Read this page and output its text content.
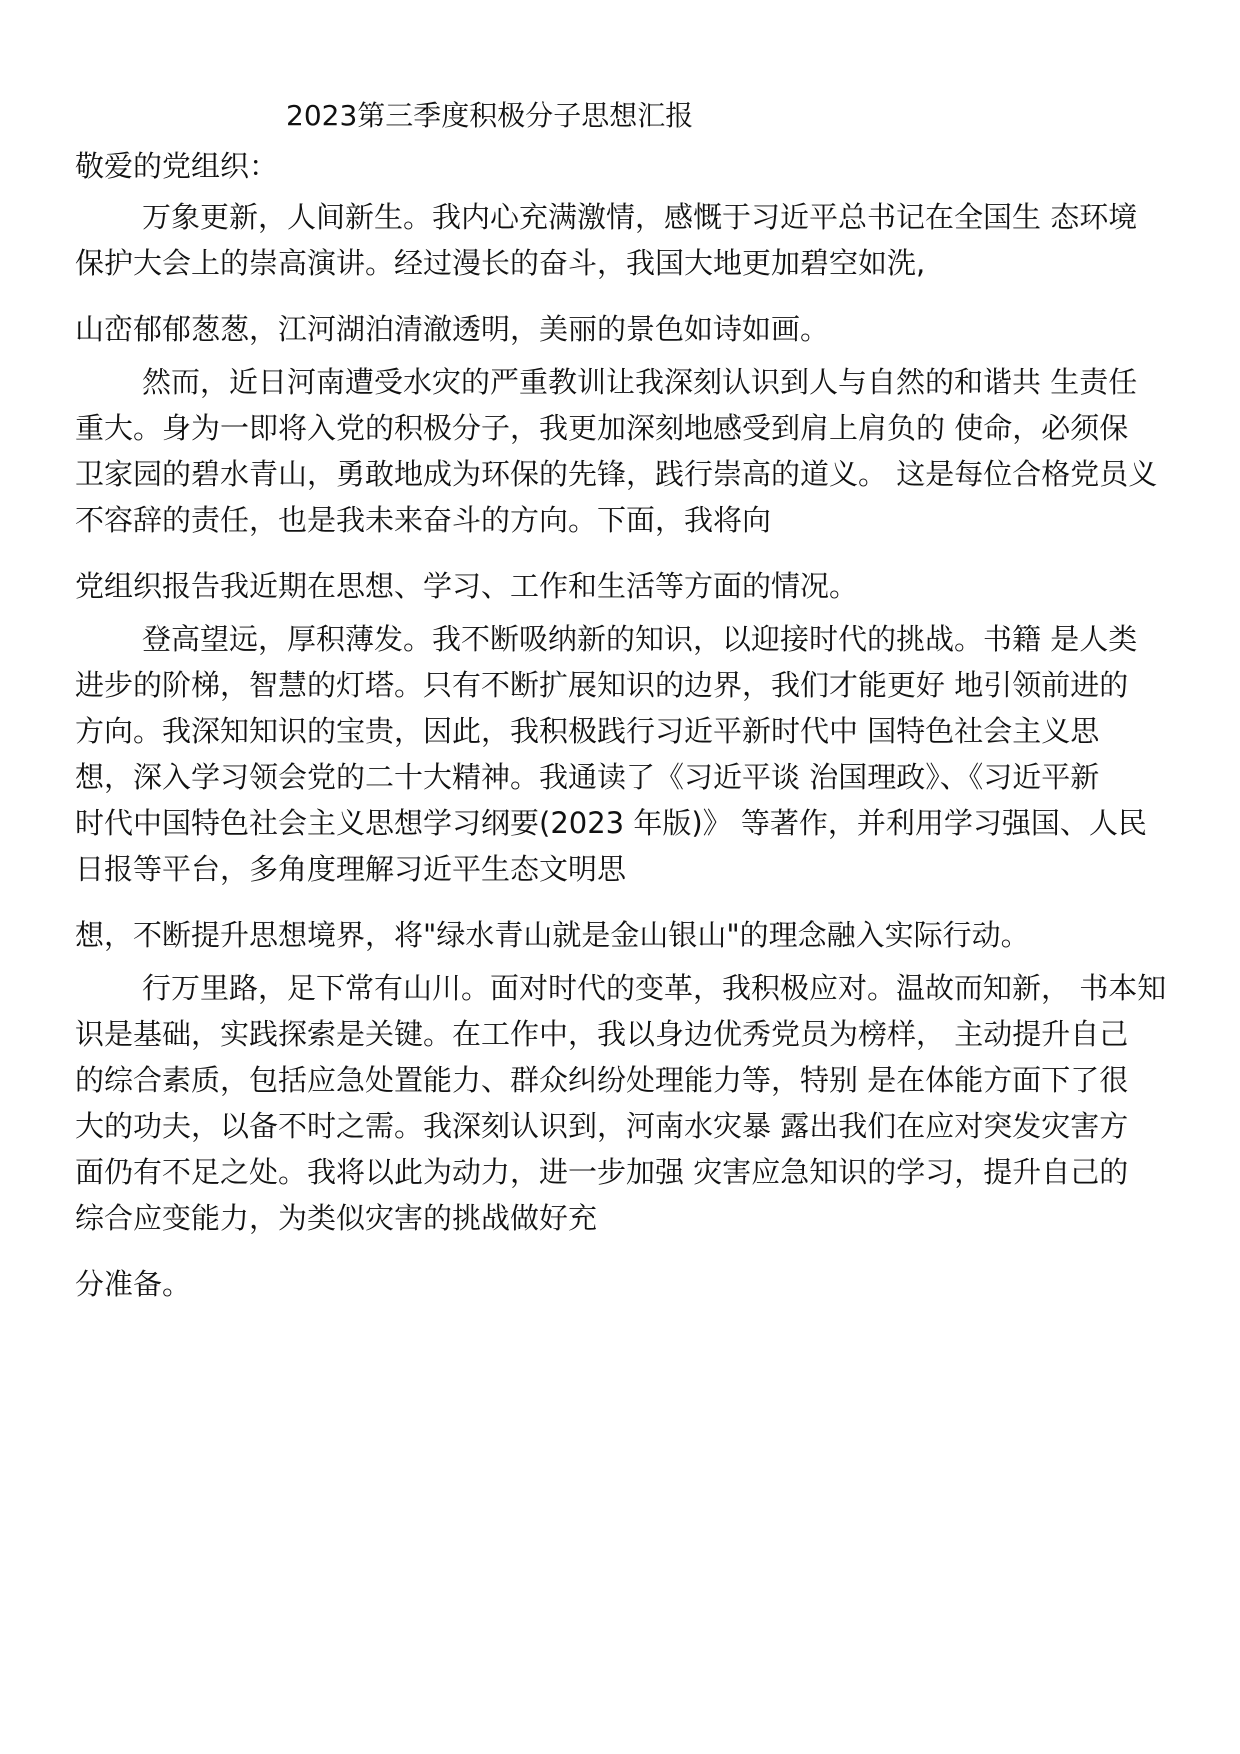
2023第三季度积极分子思想汇报

敬爱的党组织：

万象更新，人间新生。我内心充满激情，感慨于习近平总书记在全国生 态环境

保护大会上的崇高演讲。经过漫长的奋斗，我国大地更加碧空如洗,

山峦郁郁葱葱，江河湖泊清澈透明，美丽的景色如诗如画。

然而，近日河南遭受水灾的严重教训让我深刻认识到人与自然的和谐共 生责任

重大。身为一即将入党的积极分子，我更加深刻地感受到肩上肩负的 使命，必须保

卫家园的碧水青山，勇敢地成为环保的先锋，践行崇高的道义。 这是每位合格党员义

不容辞的责任，也是我未来奋斗的方向。下面，我将向

党组织报告我近期在思想、学习、工作和生活等方面的情况。

登高望远，厚积薄发。我不断吸纳新的知识，以迎接时代的挑战。书籍 是人类

进步的阶梯，智慧的灯塔。只有不断扩展知识的边界，我们才能更好 地引领前进的

方向。我深知知识的宝贵，因此，我积极践行习近平新时代中 国特色社会主义思

想，深入学习领会党的二十大精神。我通读了《习近平谈 治国理政》、《习近平新

时代中国特色社会主义思想学习纲要(2023 年版)》 等著作，并利用学习强国、人民

日报等平台，多角度理解习近平生态文明思

想，不断提升思想境界，将"绿水青山就是金山银山"的理念融入实际行动。

行万里路，足下常有山川。面对时代的变革，我积极应对。温故而知新， 书本知

识是基础，实践探索是关键。在工作中，我以身边优秀党员为榜样， 主动提升自己

的综合素质，包括应急处置能力、群众纠纷处理能力等，特别 是在体能方面下了很

大的功夫，以备不时之需。我深刻认识到，河南水灾暴 露出我们在应对突发灾害方

面仍有不足之处。我将以此为动力，进一步加强 灾害应急知识的学习，提升自己的

综合应变能力，为类似灾害的挑战做好充

分准备。
